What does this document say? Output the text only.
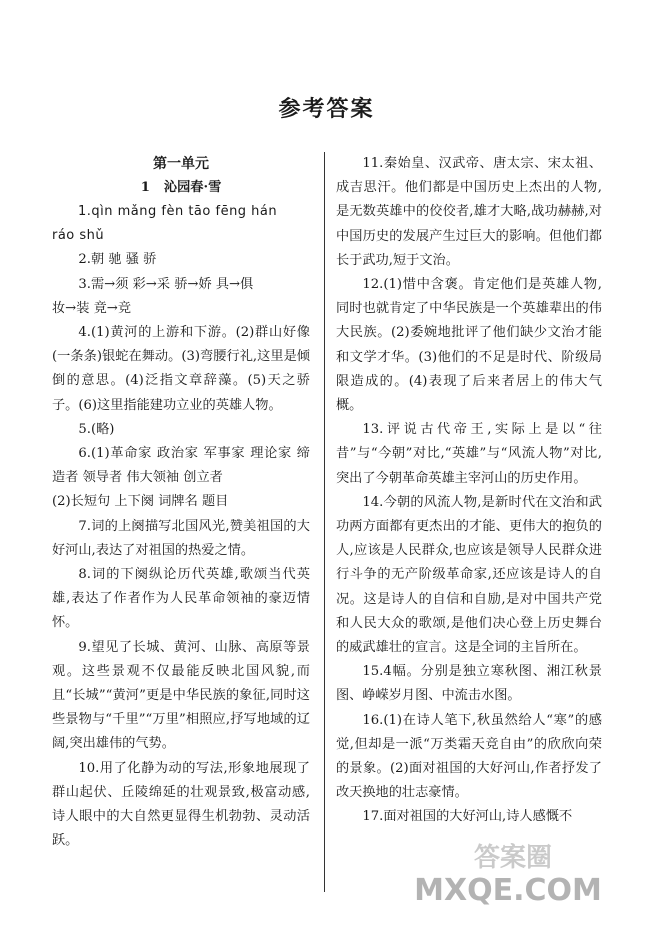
参考答案
第一单元
1 沁园春·雪

1.qìn mǎng fèn tāo fēng hán

ráo shǔ

2.朝 驰 骚 骄

3.需→须 彩→采 骄→娇 具→俱

妆→装 竟→竞

4.(1)黄河的上游和下游。(2)群山好像(一条条)银蛇在舞动。(3)弯腰行礼,这里是倾倒的意思。(4)泛指文章辞藻。(5)天之骄子。(6)这里指能建功立业的英雄人物。

5.(略)

6.(1)革命家 政治家 军事家 理论家 缔造者 领导者 伟大领袖 创立者

(2)长短句 上下阕 词牌名 题目

7.词的上阕描写北国风光,赞美祖国的大好河山,表达了对祖国的热爱之情。

8.词的下阕纵论历代英雄,歌颂当代英雄,表达了作者作为人民革命领袖的豪迈情怀。

9.望见了长城、黄河、山脉、高原等景观。这些景观不仅最能反映北国风貌,而且“长城”“黄河”更是中华民族的象征,同时这些景物与“千里”“万里”相照应,抒写地域的辽阔,突出雄伟的气势。

10.用了化静为动的写法,形象地展现了群山起伏、丘陵绵延的壮观景致,极富动感,诗人眼中的大自然更显得生机勃勃、灵动活跃。

11.秦始皇、汉武帝、唐太宗、宋太祖、成吉思汗。他们都是中国历史上杰出的人物,是无数英雄中的佼佼者,雄才大略,战功赫赫,对中国历史的发展产生过巨大的影响。但他们都长于武功,短于文治。

12.(1)惜中含褒。肯定他们是英雄人物,同时也就肯定了中华民族是一个英雄辈出的伟大民族。(2)委婉地批评了他们缺少文治才能和文学才华。(3)他们的不足是时代、阶级局限造成的。(4)表现了后来者居上的伟大气概。

13.评说古代帝王,实际上是以“往昔”与“今朝”对比,“英雄”与“风流人物”对比,突出了今朝革命英雄主宰河山的历史作用。

14.今朝的风流人物,是新时代在文治和武功两方面都有更杰出的才能、更伟大的抱负的人,应该是人民群众,也应该是领导人民群众进行斗争的无产阶级革命家,还应该是诗人的自况。这是诗人的自信和自励,是对中国共产党和人民大众的歌颂,是他们决心登上历史舞台的威武雄壮的宣言。这是全词的主旨所在。

15.4幅。分别是独立寒秋图、湘江秋景图、峥嵘岁月图、中流击水图。

16.(1)在诗人笔下,秋虽然给人“寒”的感觉,但却是一派“万类霜天竞自由”的欣欣向荣的景象。(2)面对祖国的大好河山,作者抒发了改天换地的壮志豪情。

17.面对祖国的大好河山,诗人感慨不

答案圈
MXQE.COM
